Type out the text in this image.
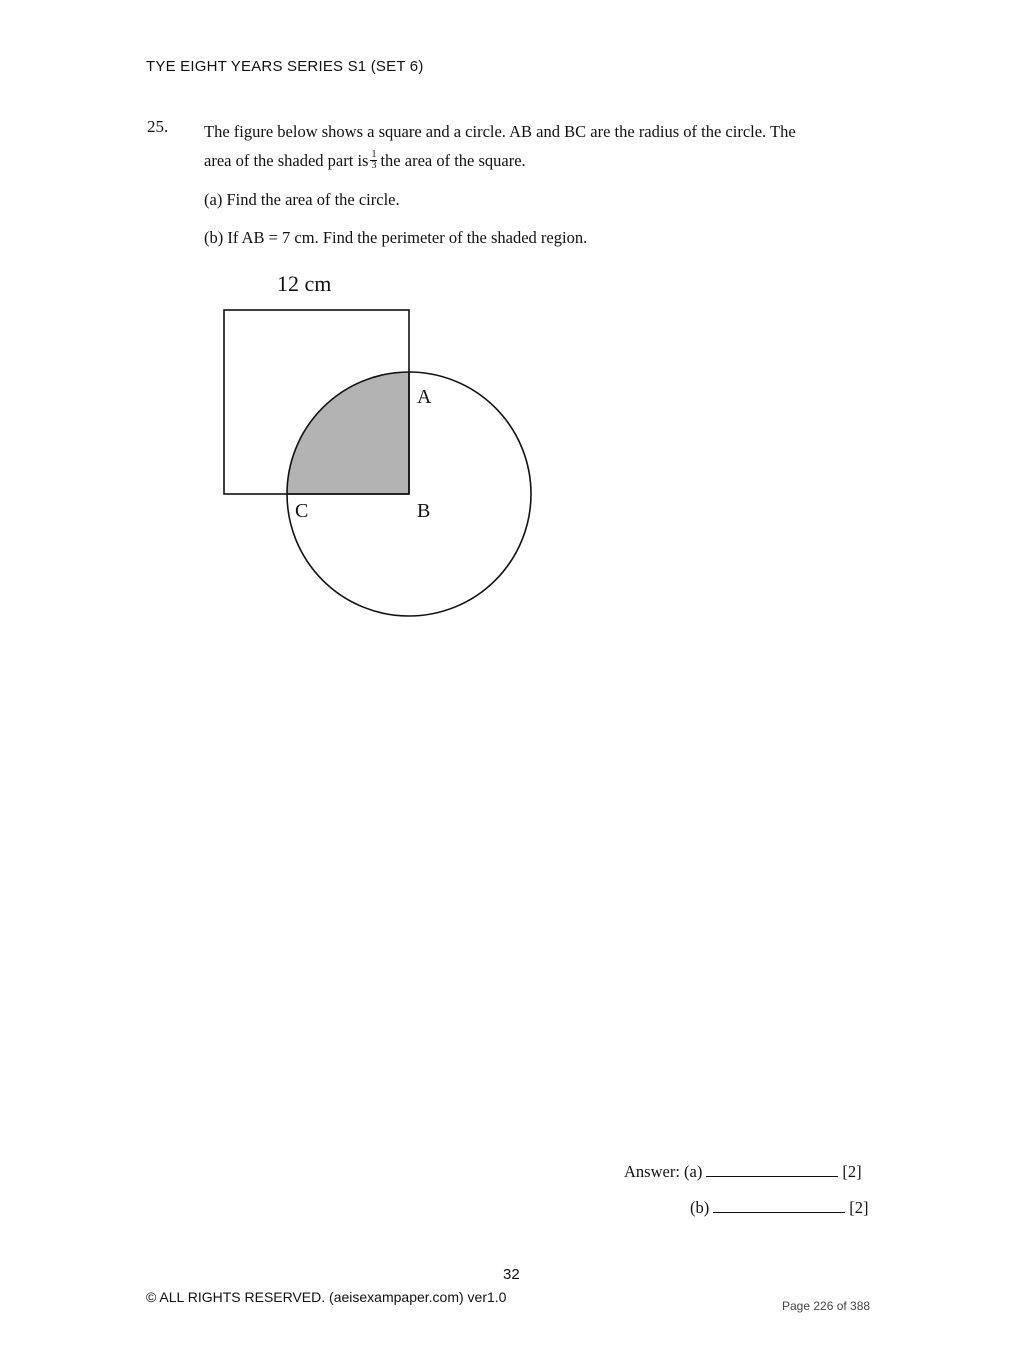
TYE EIGHT YEARS SERIES S1 (SET 6)
25. The figure below shows a square and a circle. AB and BC are the radius of the circle. The
area of the shaded part is $\frac{1}{3}$ the area of the square.
(a) Find the area of the circle.
(b) If AB = 7 cm. Find the perimeter of the shaded region.
12 cm
A
B
C
Answer: (a)	[2]
(b)	[2]
32
© ALL RIGHTS RESERVED. (aeisexampaper.com) ver1.0
Page 226 of 388
